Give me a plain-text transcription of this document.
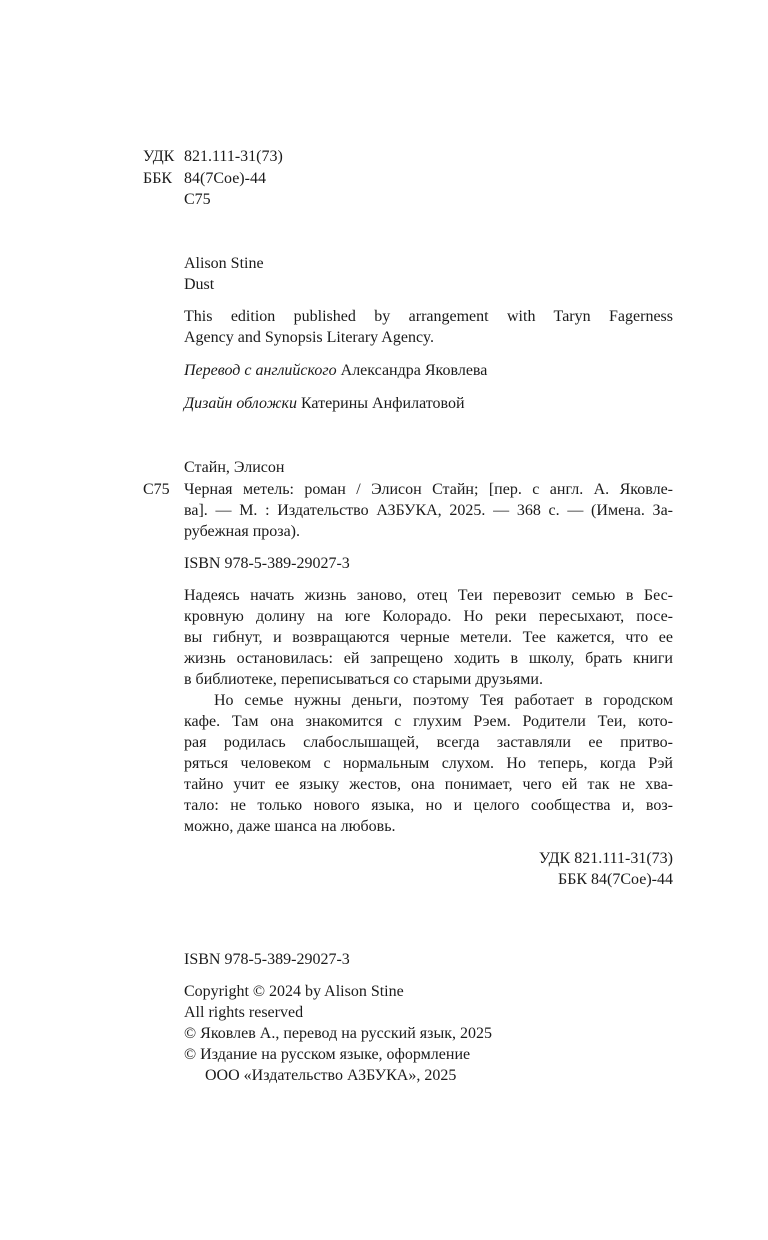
УДК 821.111-31(73)
ББК 84(7Сое)-44
С75
Alison Stine
Dust
This edition published by arrangement with Taryn Fagerness
Agency and Synopsis Literary Agency.
Перевод с английского Александра Яковлева
Дизайн обложки Катерины Анфилатовой
Стайн, Элисон
С75 Черная метель: роман / Элисон Стайн; [пер. с англ. А. Яковле-
ва]. — М. : Издательство АЗБУКА, 2025. — 368 с. — (Имена. За-
рубежная проза).
ISBN 978-5-389-29027-3
Надеясь начать жизнь заново, отец Теи перевозит семью в Бес-
кровную долину на юге Колорадо. Но реки пересыхают, посе-
вы гибнут, и возвращаются черные метели. Тее кажется, что ее
жизнь остановилась: ей запрещено ходить в школу, брать книги
в библиотеке, переписываться со старыми друзьями.
Но семье нужны деньги, поэтому Тея работает в городском
кафе. Там она знакомится с глухим Рэем. Родители Теи, кото-
рая родилась слабослышащей, всегда заставляли ее притво-
ряться человеком с нормальным слухом. Но теперь, когда Рэй
тайно учит ее языку жестов, она понимает, чего ей так не хва-
тало: не только нового языка, но и целого сообщества и, воз-
можно, даже шанса на любовь.
УДК 821.111-31(73)
ББК 84(7Сое)-44
ISBN 978-5-389-29027-3
Copyright © 2024 by Alison Stine
All rights reserved
© Яковлев А., перевод на русский язык, 2025
© Издание на русском языке, оформление
ООО «Издательство АЗБУКА», 2025
